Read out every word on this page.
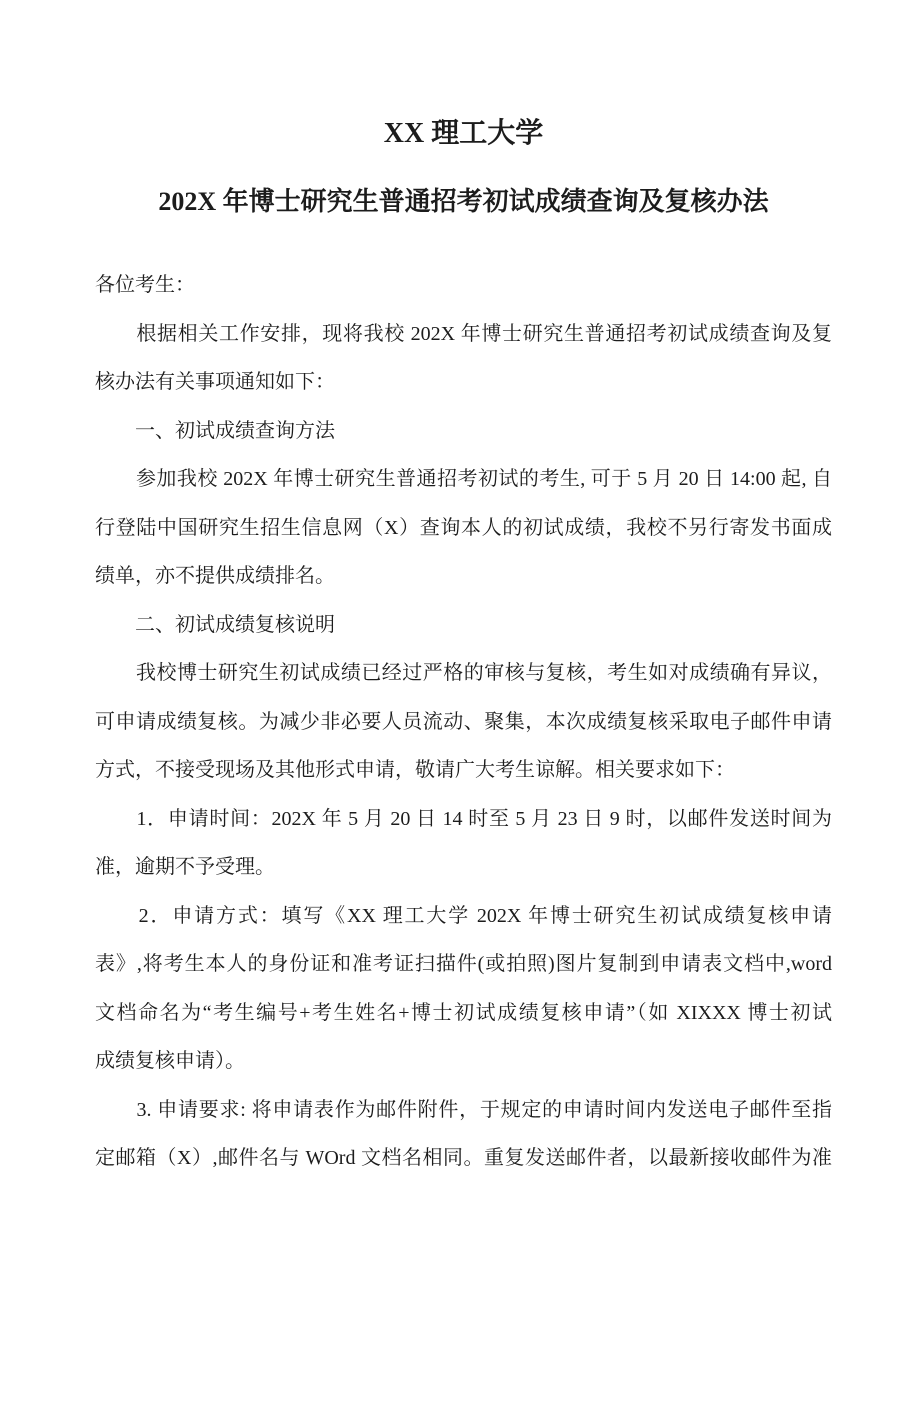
XX 理工大学
202X 年博士研究生普通招考初试成绩查询及复核办法
各位考生：
　　根据相关工作安排，现将我校 202X 年博士研究生普通招考初试成绩查询及复
核办法有关事项通知如下：
　　一、初试成绩查询方法
　　参加我校 202X 年博士研究生普通招考初试的考生, 可于 5 月 20 日 14:00 起, 自
行登陆中国研究生招生信息网（X）查询本人的初试成绩，我校不另行寄发书面成
绩单，亦不提供成绩排名。
　　二、初试成绩复核说明
　　我校博士研究生初试成绩已经过严格的审核与复核，考生如对成绩确有异议，
可申请成绩复核。为减少非必要人员流动、聚集，本次成绩复核采取电子邮件申请
方式，不接受现场及其他形式申请，敬请广大考生谅解。相关要求如下：
　　1．申请时间：202X 年 5 月 20 日 14 时至 5 月 23 日 9 时，以邮件发送时间为
准，逾期不予受理。
　　2．申请方式：填写《XX 理工大学 202X 年博士研究生初试成绩复核申请
表》,将考生本人的身份证和准考证扫描件(或拍照)图片复制到申请表文档中,word
文档命名为“考生编号+考生姓名+博士初试成绩复核申请”（如 XIXXX 博士初试
成绩复核申请）。
　　3. 申请要求: 将申请表作为邮件附件，于规定的申请时间内发送电子邮件至指
定邮箱（X）,邮件名与 WOrd 文档名相同。重复发送邮件者，以最新接收邮件为准
